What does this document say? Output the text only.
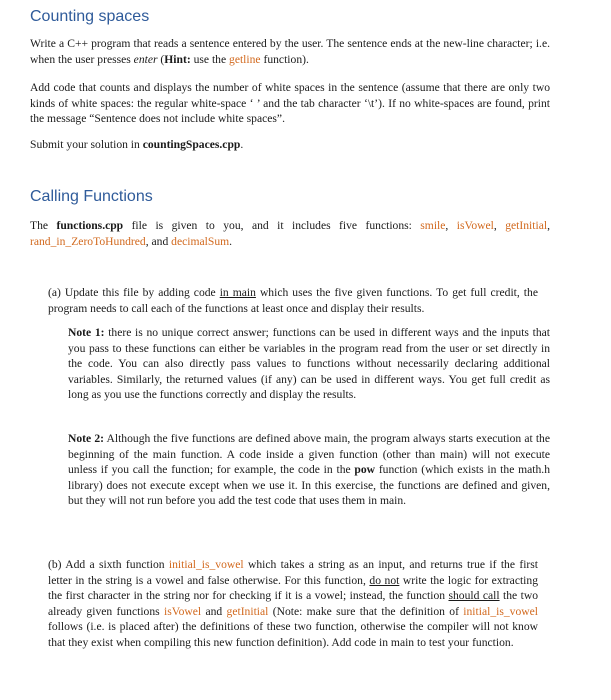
Counting spaces

Write a C++ program that reads a sentence entered by the user. The sentence ends at the new-line character; i.e. when the user presses enter (Hint: use the getline function).

Add code that counts and displays the number of white spaces in the sentence (assume that there are only two kinds of white spaces: the regular white-space ‘ ’ and the tab character ‘\t’). If no white-spaces are found, print the message “Sentence does not include white spaces”.

Submit your solution in countingSpaces.cpp.

Calling Functions

The functions.cpp file is given to you, and it includes five functions: smile, isVowel, getInitial, rand_in_ZeroToHundred, and decimalSum.

(a) Update this file by adding code in main which uses the five given functions. To get full credit, the program needs to call each of the functions at least once and display their results.

Note 1: there is no unique correct answer; functions can be used in different ways and the inputs that you pass to these functions can either be variables in the program read from the user or set directly in the code. You can also directly pass values to functions without necessarily declaring additional variables. Similarly, the returned values (if any) can be used in different ways. You get full credit as long as you use the functions correctly and display the results.

Note 2: Although the five functions are defined above main, the program always starts execution at the beginning of the main function. A code inside a given function (other than main) will not execute unless if you call the function; for example, the code in the pow function (which exists in the math.h library) does not execute except when we use it. In this exercise, the functions are defined and given, but they will not run before you add the test code that uses them in main.

(b) Add a sixth function initial_is_vowel which takes a string as an input, and returns true if the first letter in the string is a vowel and false otherwise. For this function, do not write the logic for extracting the first character in the string nor for checking if it is a vowel; instead, the function should call the two already given functions isVowel and getInitial (Note: make sure that the definition of initial_is_vowel follows (i.e. is placed after) the definitions of these two function, otherwise the compiler will not know that they exist when compiling this new function definition). Add code in main to test your function.
